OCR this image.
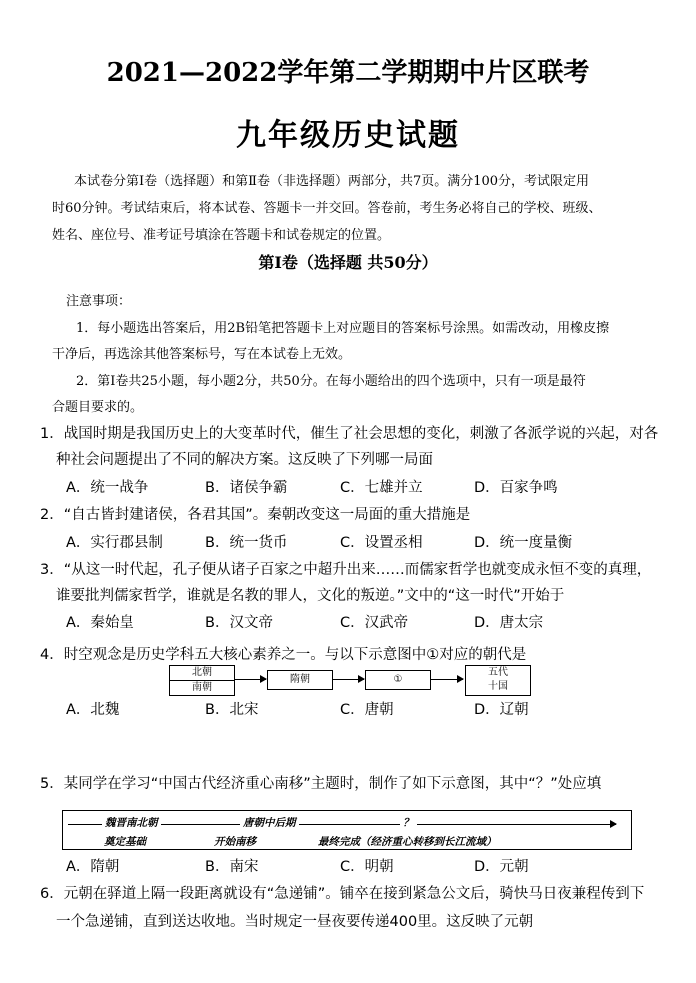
2021—2022学年第二学期期中片区联考
九年级历史试题
本试卷分第Ⅰ卷（选择题）和第Ⅱ卷（非选择题）两部分，共7页。满分100分，考试限定用
时60分钟。考试结束后，将本试卷、答题卡一并交回。答卷前，考生务必将自己的学校、班级、
姓名、座位号、准考证号填涂在答题卡和试卷规定的位置。
第Ⅰ卷（选择题 共50分）
注意事项：
1．每小题选出答案后，用2B铅笔把答题卡上对应题目的答案标号涂黑。如需改动，用橡皮擦
干净后，再选涂其他答案标号，写在本试卷上无效。
2．第Ⅰ卷共25小题，每小题2分，共50分。在每小题给出的四个选项中，只有一项是最符
合题目要求的。
1．战国时期是我国历史上的大变革时代，催生了社会思想的变化，刺激了各派学说的兴起，对各
种社会问题提出了不同的解决方案。这反映了下列哪一局面
A．统一战争	B．诸侯争霸	C．七雄并立	D．百家争鸣
2．“自古皆封建诸侯，各君其国”。秦朝改变这一局面的重大措施是
A．实行郡县制	B．统一货币	C．设置丞相	D．统一度量衡
3．“从这一时代起，孔子便从诸子百家之中超升出来……而儒家哲学也就变成永恒不变的真理，
谁要批判儒家哲学，谁就是名教的罪人，文化的叛逆。”文中的“这一时代”开始于
A．秦始皇	B．汉文帝	C．汉武帝	D．唐太宗
4．时空观念是历史学科五大核心素养之一。与以下示意图中①对应的朝代是
北朝
南朝
隋朝	①
五代
十国
A．北魏	B．北宋	C．唐朝	D．辽朝
5．某同学在学习“中国古代经济重心南移”主题时，制作了如下示意图，其中“？”处应填
魏晋南北朝	唐朝中后期	？
奠定基础	开始南移	最终完成（经济重心转移到长江流域）
A．隋朝	B．南宋	C．明朝	D．元朝
6．元朝在驿道上隔一段距离就设有“急递铺”。铺卒在接到紧急公文后，骑快马日夜兼程传到下
一个急递铺，直到送达收地。当时规定一昼夜要传递400里。这反映了元朝
